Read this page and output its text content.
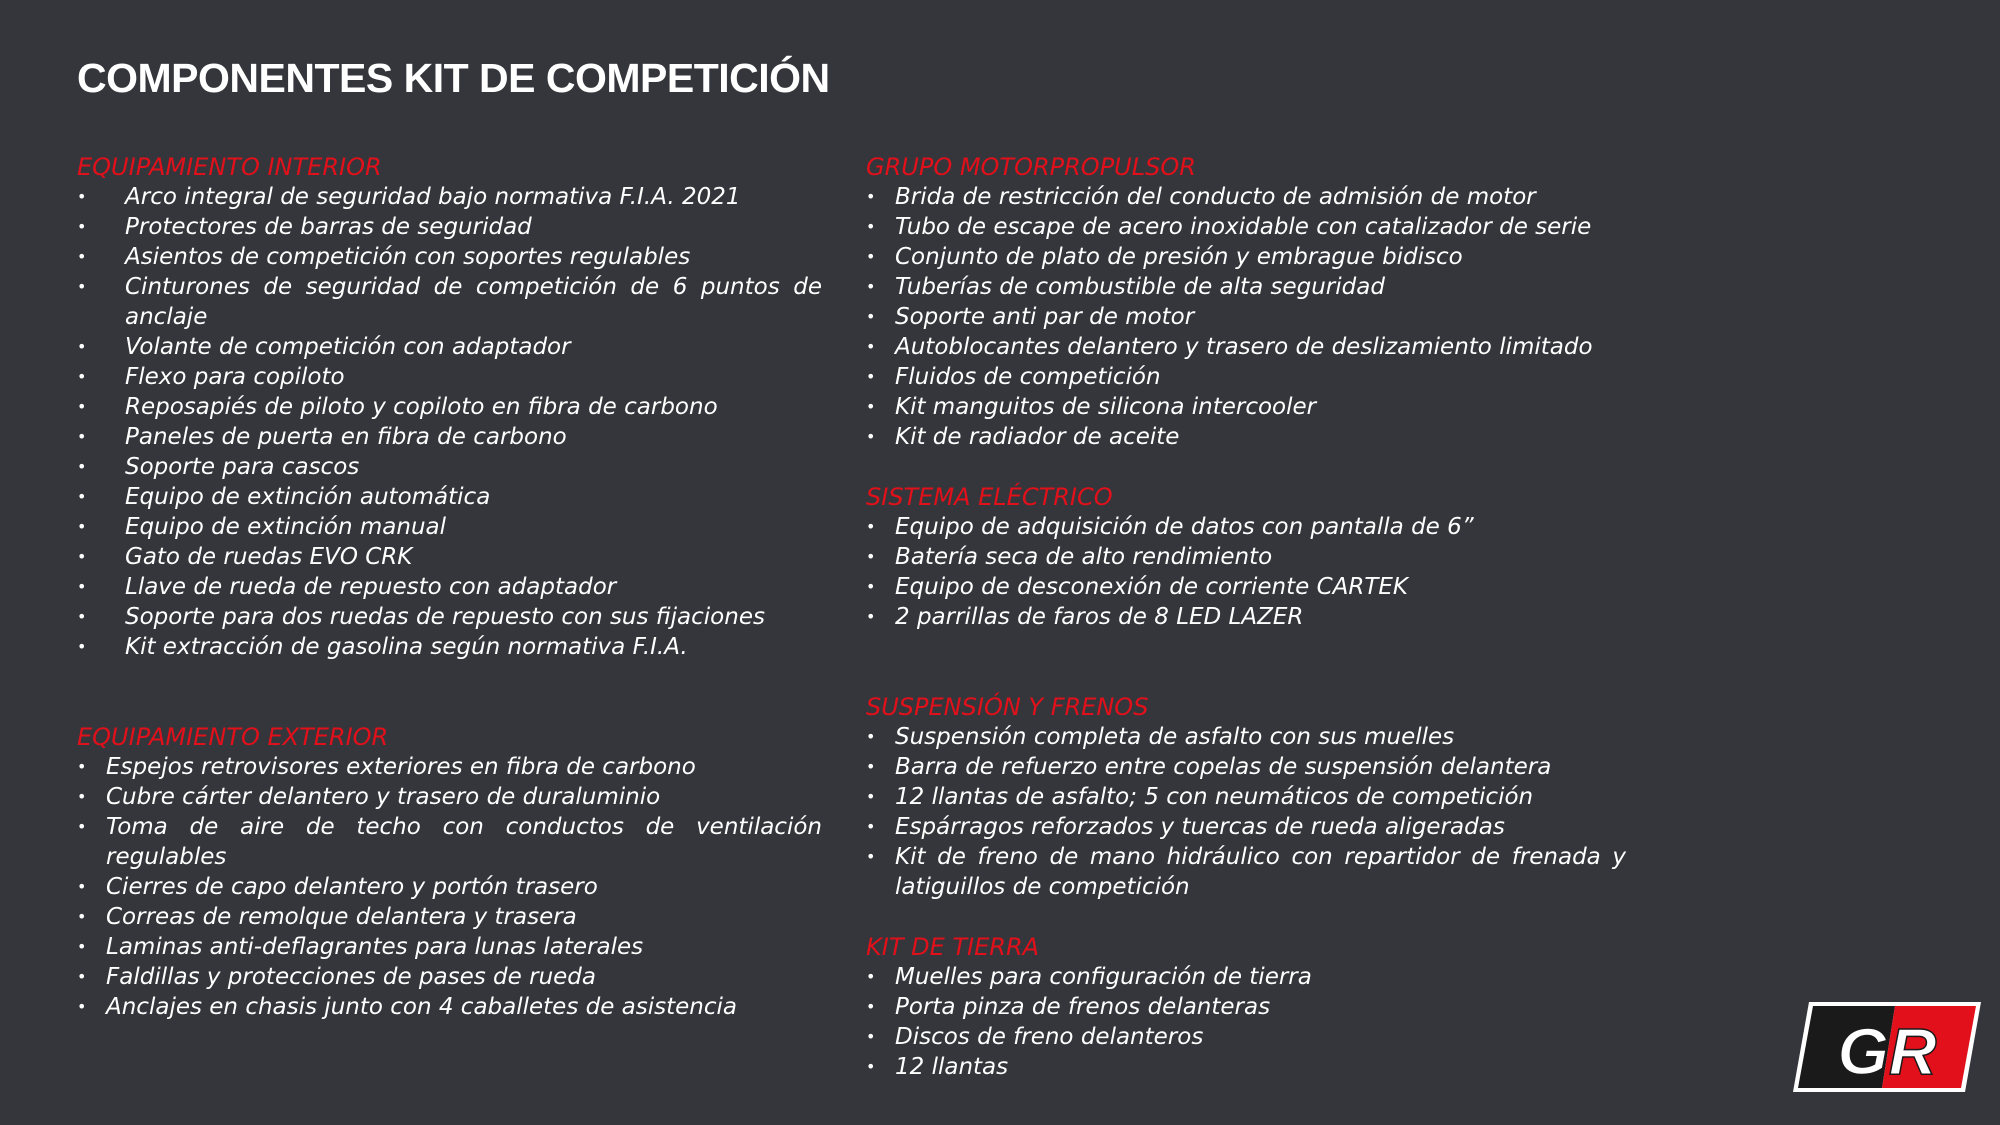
COMPONENTES KIT DE COMPETICIÓN
EQUIPAMIENTO INTERIOR
• Arco integral de seguridad bajo normativa F.I.A. 2021
• Protectores de barras de seguridad
• Asientos de competición con soportes regulables
• Cinturones de seguridad de competición de 6 puntos de anclaje
• Volante de competición con adaptador
• Flexo para copiloto
• Reposapiés de piloto y copiloto en fibra de carbono
• Paneles de puerta en fibra de carbono
• Soporte para cascos
• Equipo de extinción automática
• Equipo de extinción manual
• Gato de ruedas EVO CRK
• Llave de rueda de repuesto con adaptador
• Soporte para dos ruedas de repuesto con sus fijaciones
• Kit extracción de gasolina según normativa F.I.A.
EQUIPAMIENTO EXTERIOR
• Espejos retrovisores exteriores en fibra de carbono
• Cubre cárter delantero y trasero de duraluminio
• Toma de aire de techo con conductos de ventilación regulables
• Cierres de capo delantero y portón trasero
• Correas de remolque delantera y trasera
• Laminas anti-deflagrantes para lunas laterales
• Faldillas y protecciones de pases de rueda
• Anclajes en chasis junto con 4 caballetes de asistencia
GRUPO MOTORPROPULSOR
• Brida de restricción del conducto de admisión de motor
• Tubo de escape de acero inoxidable con catalizador de serie
• Conjunto de plato de presión y embrague bidisco
• Tuberías de combustible de alta seguridad
• Soporte anti par de motor
• Autoblocantes delantero y trasero de deslizamiento limitado
• Fluidos de competición
• Kit manguitos de silicona intercooler
• Kit de radiador de aceite
SISTEMA ELÉCTRICO
• Equipo de adquisición de datos con pantalla de 6”
• Batería seca de alto rendimiento
• Equipo de desconexión de corriente CARTEK
• 2 parrillas de faros de 8 LED LAZER
SUSPENSIÓN Y FRENOS
• Suspensión completa de asfalto con sus muelles
• Barra de refuerzo entre copelas de suspensión delantera
• 12 llantas de asfalto; 5 con neumáticos de competición
• Espárragos reforzados y tuercas de rueda aligeradas
• Kit de freno de mano hidráulico con repartidor de frenada y latiguillos de competición
KIT DE TIERRA
• Muelles para configuración de tierra
• Porta pinza de frenos delanteras
• Discos de freno delanteros
• 12 llantas	GR
